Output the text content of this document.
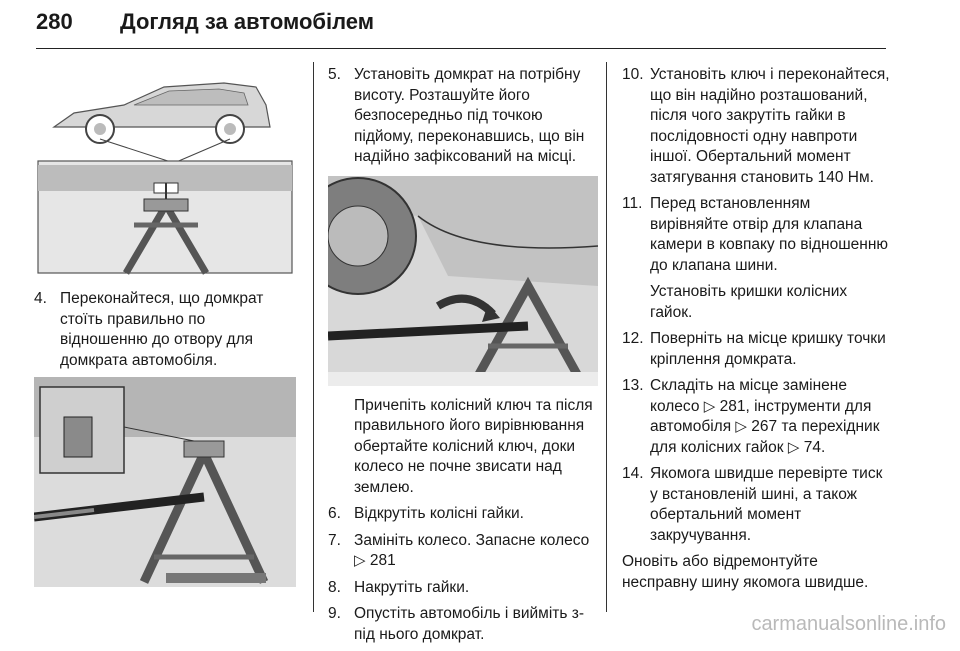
280 Догляд за автомобілем
4. Переконайтеся, що домкрат стоїть правильно по відношенню до отвору для домкрата автомобіля.
5. Установіть домкрат на потрібну висоту. Розташуйте його безпосередньо під точкою підйому, переконавшись, що він надійно зафіксований на місці.
Причепіть колісний ключ та після правильного його вирівнювання обертайте колісний ключ, доки колесо не почне звисати над землею.
6. Відкрутіть колісні гайки.
7. Замініть колесо. Запасне колесо ▷ 281
8. Накрутіть гайки.
9. Опустіть автомобіль і вийміть з-під нього домкрат.
10. Установіть ключ і переконайтеся, що він надійно розташований, після чого закрутіть гайки в послідовності одну навпроти іншої. Обертальний момент затягування становить 140 Нм.
11. Перед встановленням вирівняйте отвір для клапана камери в ковпаку по відношенню до клапана шини.
Установіть кришки колісних гайок.
12. Поверніть на місце кришку точки кріплення домкрата.
13. Складіть на місце замінене колесо ▷ 281, інструменти для автомобіля ▷ 267 та перехідник для колісних гайок ▷ 74.
14. Якомога швидше перевірте тиск у встановленій шині, а також обертальний момент закручування.

Оновіть або відремонтуйте несправну шину якомога швидше.

carmanualsonline.info
